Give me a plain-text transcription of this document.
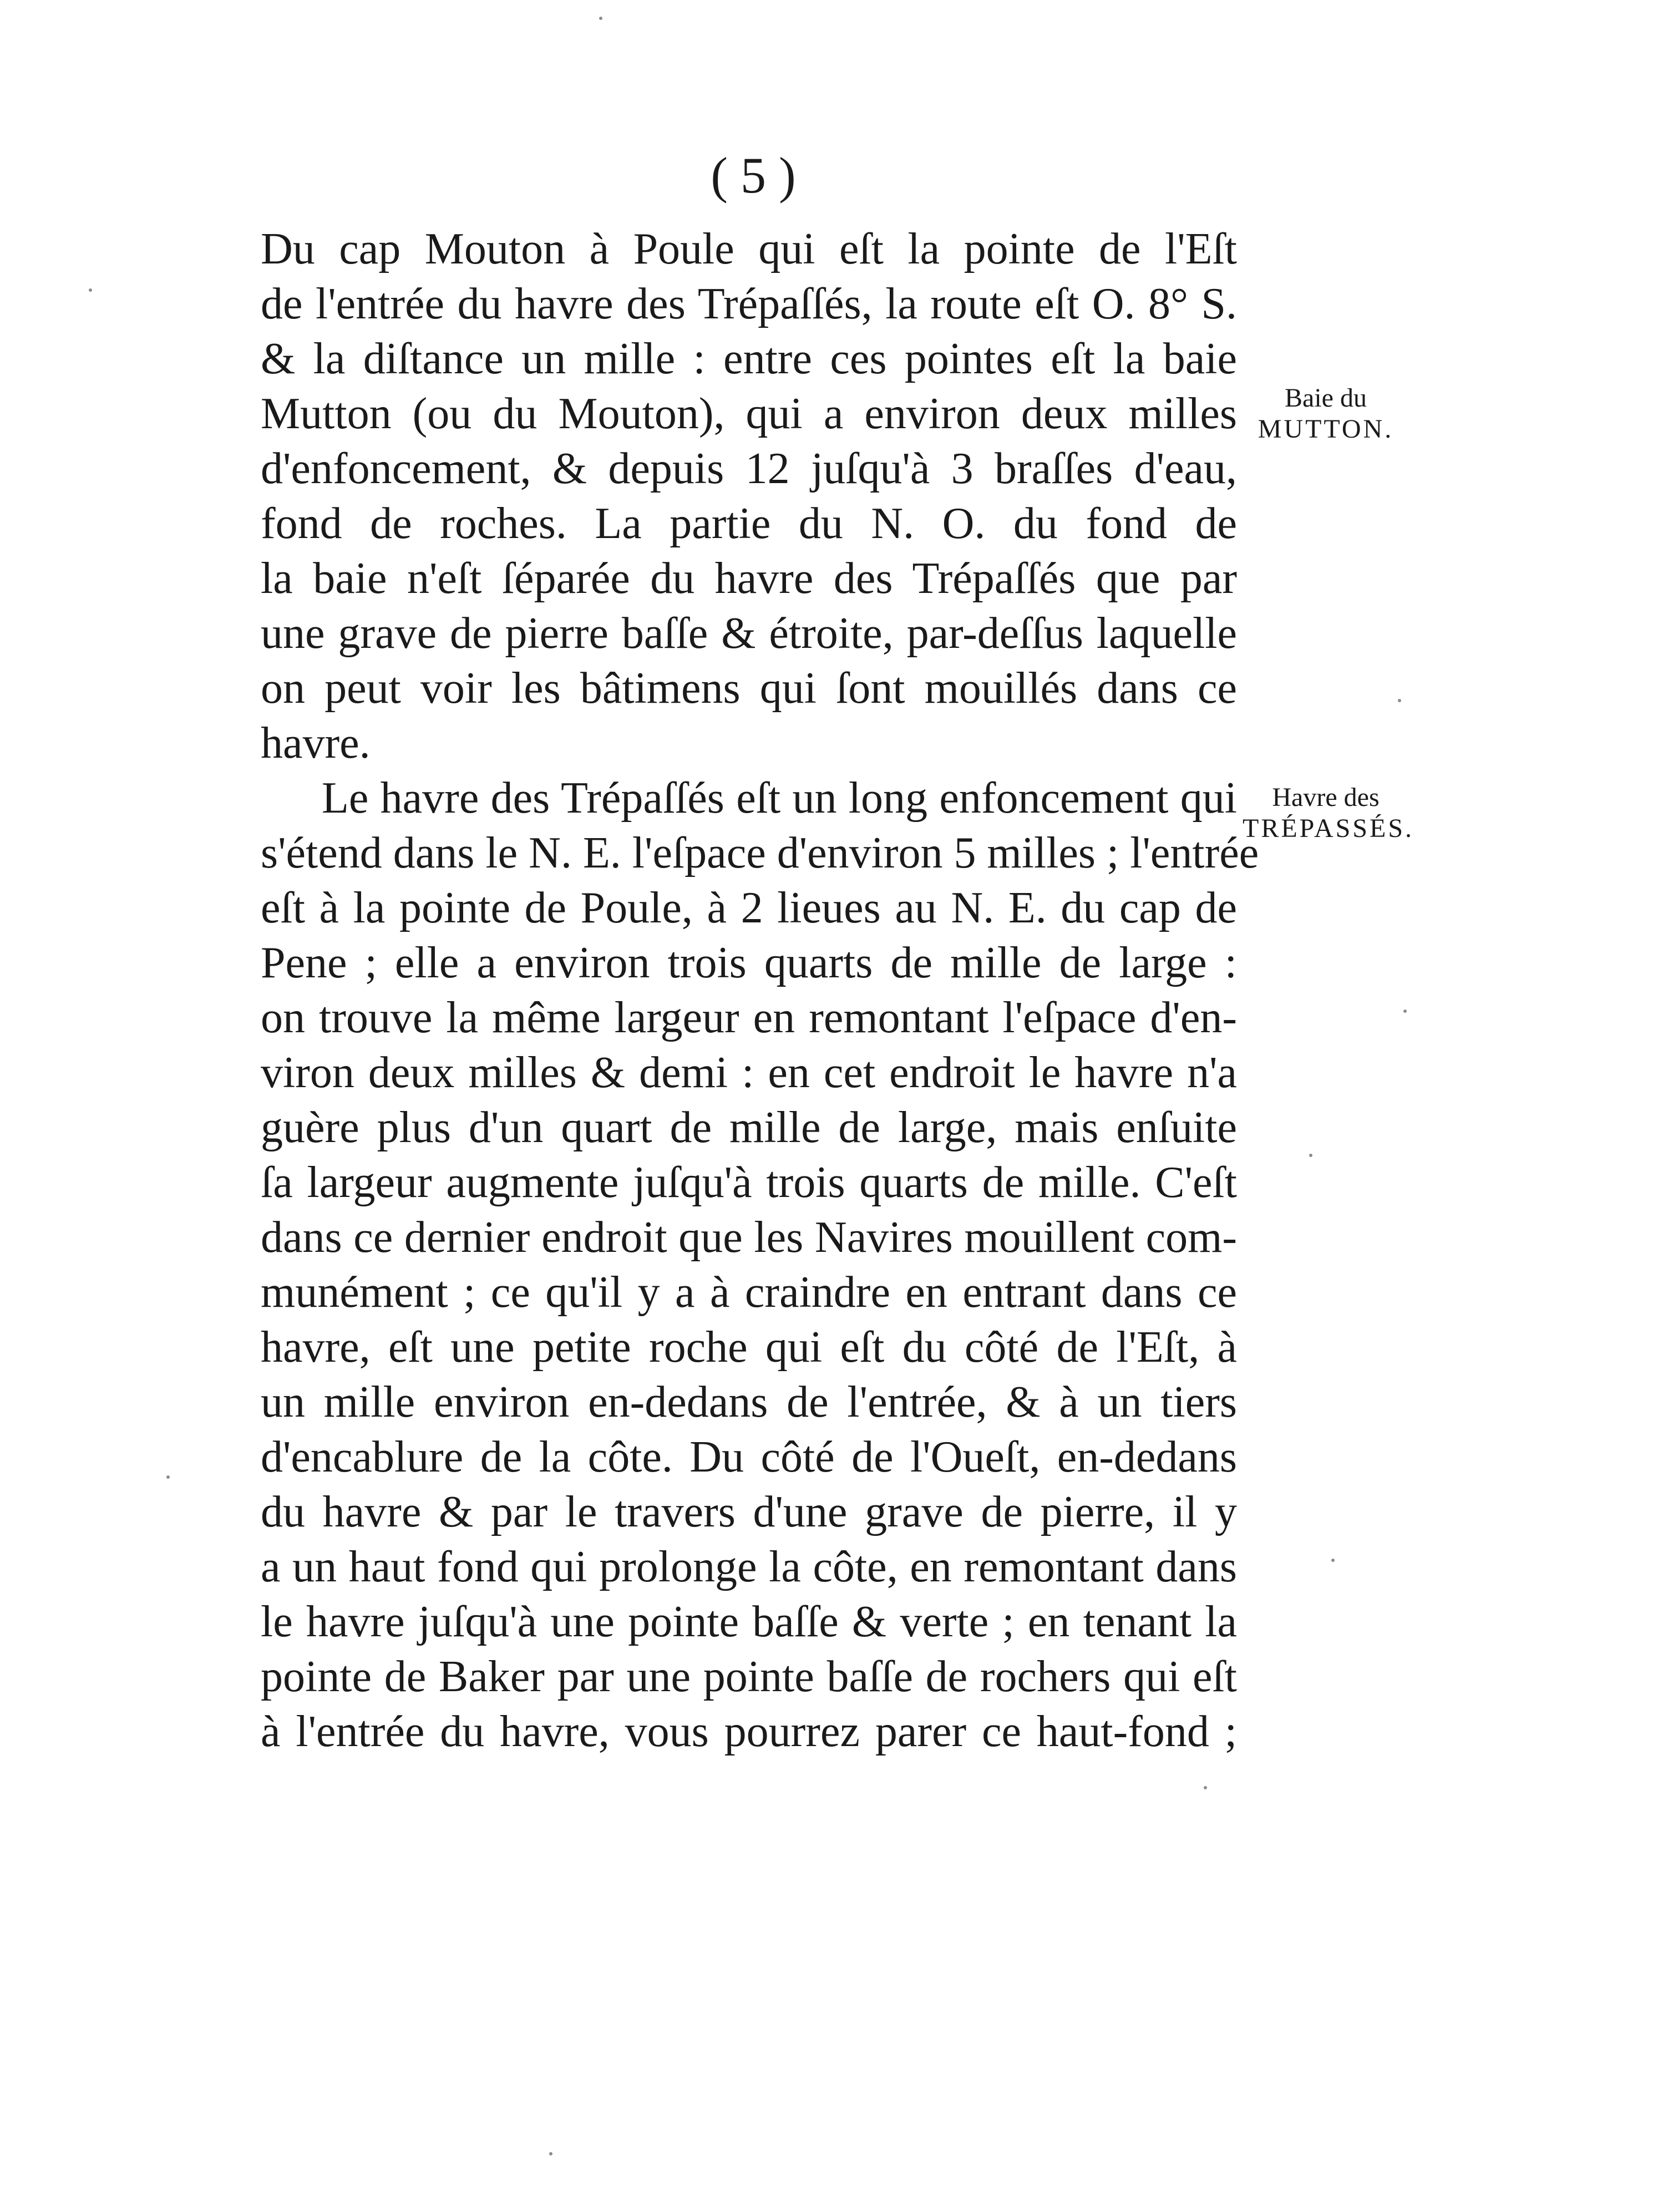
( 5 )
Du cap Mouton à Poule qui eſt la pointe de l'Eſt
de l'entrée du havre des Trépaſſés, la route eſt O. 8° S.
& la diſtance un mille : entre ces pointes eſt la baie
Mutton (ou du Mouton), qui a environ deux milles
d'enfoncement, & depuis 12 juſqu'à 3 braſſes d'eau,
fond de roches. La partie du N. O. du fond de
la baie n'eſt ſéparée du havre des Trépaſſés que par
une grave de pierre baſſe & étroite, par-deſſus laquelle
on peut voir les bâtimens qui ſont mouillés dans ce
havre.
Le havre des Trépaſſés eſt un long enfoncement qui
s'étend dans le N. E. l'eſpace d'environ 5 milles ; l'entrée
eſt à la pointe de Poule, à 2 lieues au N. E. du cap de
Pene ; elle a environ trois quarts de mille de large :
on trouve la même largeur en remontant l'eſpace d'en-
viron deux milles & demi : en cet endroit le havre n'a
guère plus d'un quart de mille de large, mais enſuite
ſa largeur augmente juſqu'à trois quarts de mille. C'eſt
dans ce dernier endroit que les Navires mouillent com-
munément ; ce qu'il y a à craindre en entrant dans ce
havre, eſt une petite roche qui eſt du côté de l'Eſt, à
un mille environ en-dedans de l'entrée, & à un tiers
d'encablure de la côte. Du côté de l'Oueſt, en-dedans
du havre & par le travers d'une grave de pierre, il y
a un haut fond qui prolonge la côte, en remontant dans
le havre juſqu'à une pointe baſſe & verte ; en tenant la
pointe de Baker par une pointe baſſe de rochers qui eſt
à l'entrée du havre, vous pourrez parer ce haut-fond ;
Baie du
MUTTON.
Havre des
TRÉPASSÉS.
